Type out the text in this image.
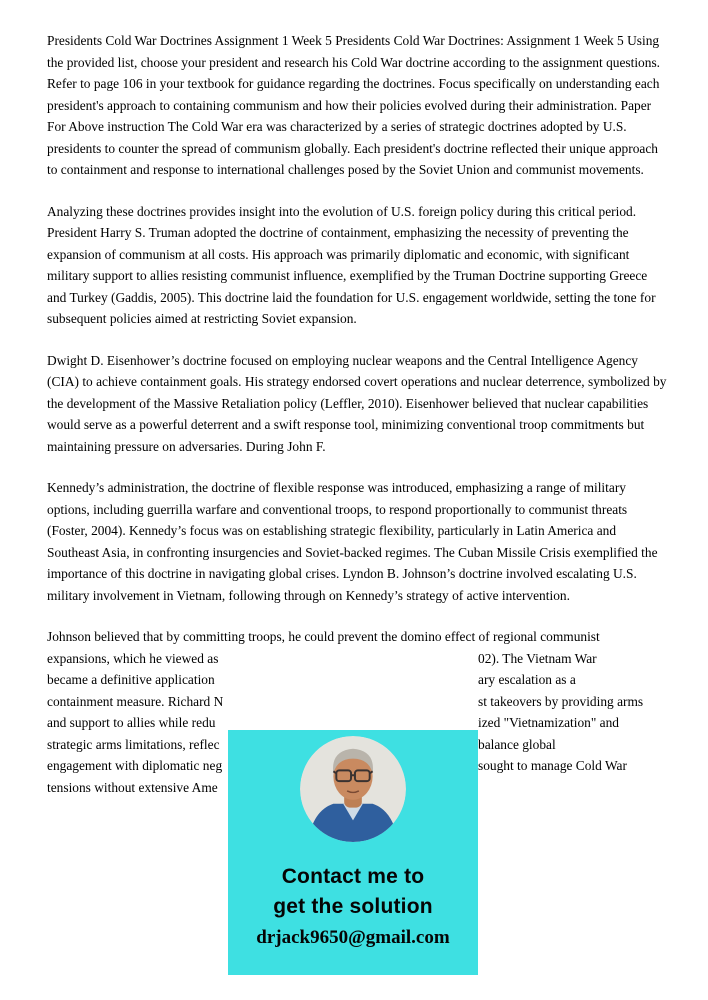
Presidents Cold War Doctrines Assignment 1 Week 5 Presidents Cold War Doctrines: Assignment 1 Week 5 Using the provided list, choose your president and research his Cold War doctrine according to the assignment questions. Refer to page 106 in your textbook for guidance regarding the doctrines. Focus specifically on understanding each president's approach to containing communism and how their policies evolved during their administration. Paper For Above instruction The Cold War era was characterized by a series of strategic doctrines adopted by U.S. presidents to counter the spread of communism globally. Each president's doctrine reflected their unique approach to containment and response to international challenges posed by the Soviet Union and communist movements.

Analyzing these doctrines provides insight into the evolution of U.S. foreign policy during this critical period. President Harry S. Truman adopted the doctrine of containment, emphasizing the necessity of preventing the expansion of communism at all costs. His approach was primarily diplomatic and economic, with significant military support to allies resisting communist influence, exemplified by the Truman Doctrine supporting Greece and Turkey (Gaddis, 2005). This doctrine laid the foundation for U.S. engagement worldwide, setting the tone for subsequent policies aimed at restricting Soviet expansion.

Dwight D. Eisenhower’s doctrine focused on employing nuclear weapons and the Central Intelligence Agency (CIA) to achieve containment goals. His strategy endorsed covert operations and nuclear deterrence, symbolized by the development of the Massive Retaliation policy (Leffler, 2010). Eisenhower believed that nuclear capabilities would serve as a powerful deterrent and a swift response tool, minimizing conventional troop commitments but maintaining pressure on adversaries. During John F.

Kennedy’s administration, the doctrine of flexible response was introduced, emphasizing a range of military options, including guerrilla warfare and conventional troops, to respond proportionally to communist threats (Foster, 2004). Kennedy’s focus was on establishing strategic flexibility, particularly in Latin America and Southeast Asia, in confronting insurgencies and Soviet-backed regimes. The Cuban Missile Crisis exemplified the importance of this doctrine in navigating global crises. Lyndon B. Johnson’s doctrine involved escalating U.S. military involvement in Vietnam, following through on Kennedy’s strategy of active intervention.

Johnson believed that by committing troops, he could prevent the domino effect of regional communist
expansions, which he viewed as	02). The Vietnam War
became a definitive application	ary escalation as a
containment measure. Richard N	st takeovers by providing arms
and support to allies while redu	ized "Vietnamization" and
strategic arms limitations, reflec	balance global
engagement with diplomatic neg	sought to manage Cold War
tensions without extensive Ame
Contact me to
get the solution
drjack9650@gmail.com
